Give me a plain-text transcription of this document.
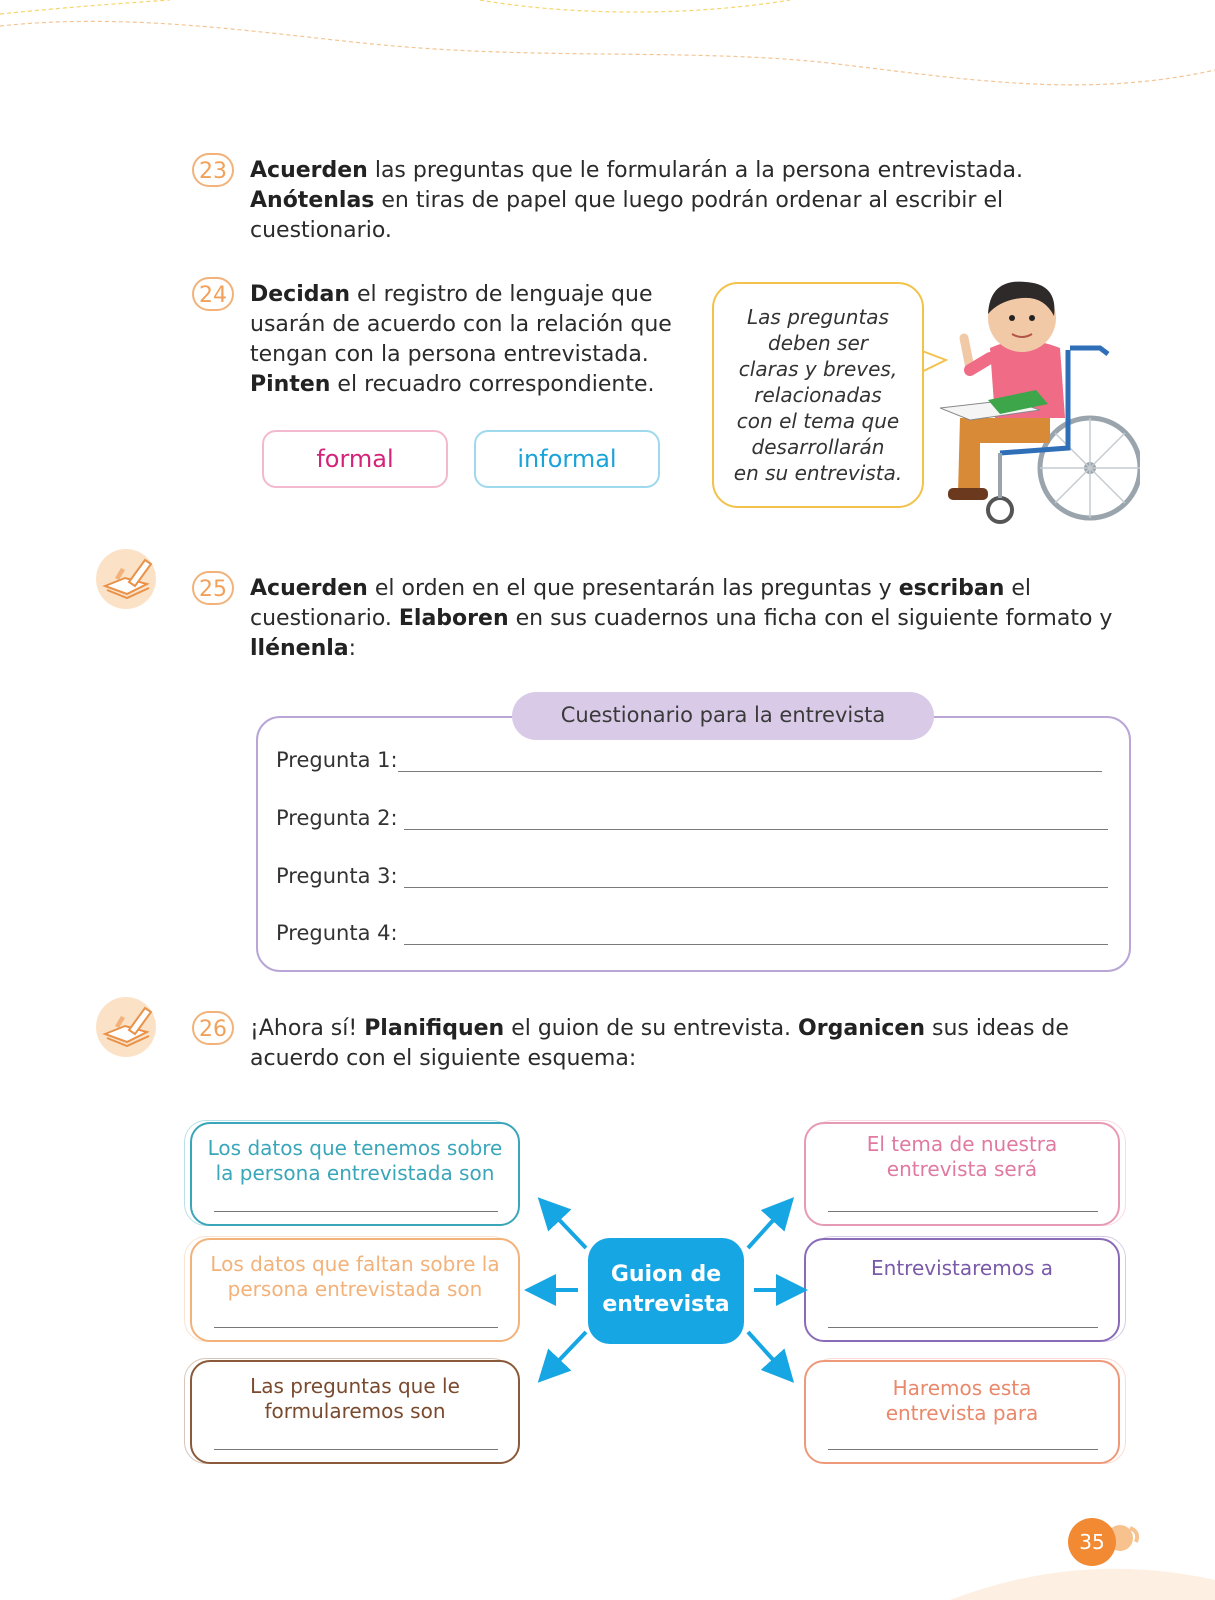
23	Acuerden las preguntas que le formularán a la persona entrevistada.
Anótenlas en tiras de papel que luego podrán ordenar al escribir el
cuestionario.
24	Decidan el registro de lenguaje que
usarán de acuerdo con la relación que
tengan con la persona entrevistada.
Pinten el recuadro correspondiente.
formal	informal
Las preguntas
deben ser
claras y breves,
relacionadas
con el tema que
desarrollarán
en su entrevista.
25	Acuerden el orden en el que presentarán las preguntas y escriban el
cuestionario. Elaboren en sus cuadernos una ficha con el siguiente formato y
llénenla:
Cuestionario para la entrevista
Pregunta 1:
Pregunta 2:
Pregunta 3:
Pregunta 4:
26	¡Ahora sí! Planifiquen el guion de su entrevista. Organicen sus ideas de
acuerdo con el siguiente esquema:
Los datos que tenemos sobre
la persona entrevistada son
Los datos que faltan sobre la
persona entrevistada son
Las preguntas que le
formularemos son
El tema de nuestra
entrevista será
Entrevistaremos a
Haremos esta
entrevista para
Guion de
entrevista
35
